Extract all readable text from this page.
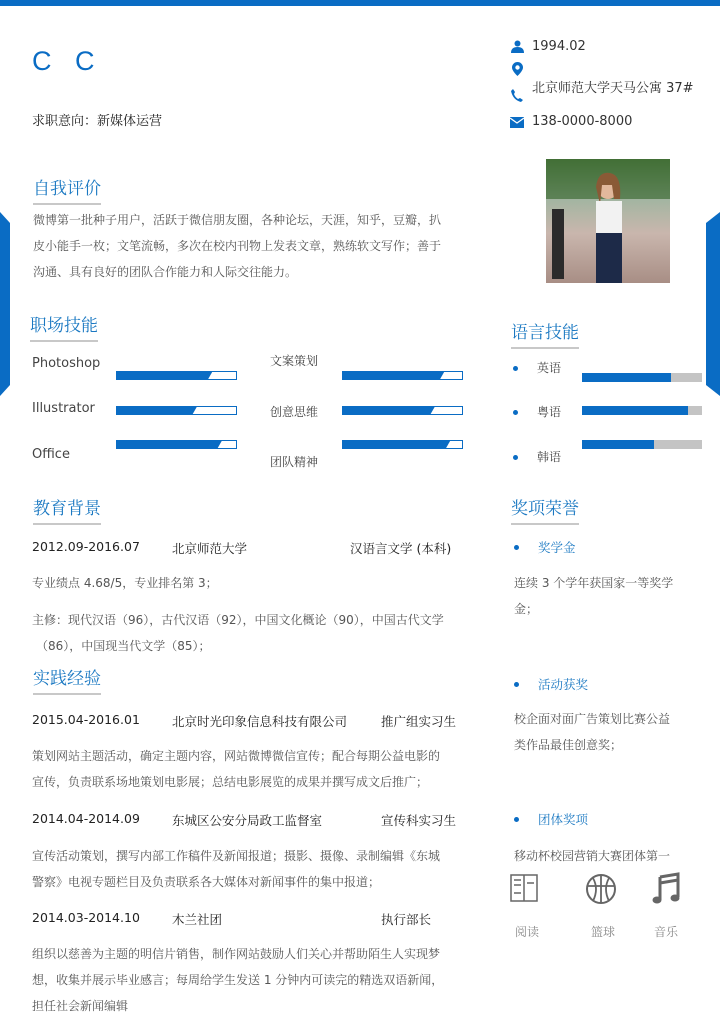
C C
求职意向：新媒体运营
1994.02
北京师范大学天马公寓 37#
138-0000-8000
自我评价
微博第一批种子用户，活跃于微信朋友圈，各种论坛，天涯，知乎，豆瓣，扒
皮小能手一枚；文笔流畅，多次在校内刊物上发表文章，熟练软文写作；善于
沟通、具有良好的团队合作能力和人际交往能力。
职场技能
Photoshop
Illustrator
Office
文案策划
创意思维
团队精神
语言技能
英语
粤语
韩语
教育背景
2012.09-2016.07	北京师范大学	汉语言文学 (本科)
专业绩点 4.68/5，专业排名第 3；
主修：现代汉语（96），古代汉语（92），中国文化概论（90），中国古代文学
（86），中国现当代文学（85）；
实践经验
2015.04-2016.01	北京时光印象信息科技有限公司	推广组实习生
策划网站主题活动，确定主题内容，网站微博微信宣传；配合每期公益电影的
宣传，负责联系场地策划电影展；总结电影展览的成果并撰写成文后推广；
2014.04-2014.09	东城区公安分局政工监督室	宣传科实习生
宣传活动策划，撰写内部工作稿件及新闻报道；摄影、摄像、录制编辑《东城
警察》电视专题栏目及负责联系各大媒体对新闻事件的集中报道；
2014.03-2014.10	木兰社团	执行部长
组织以慈善为主题的明信片销售，制作网站鼓励人们关心并帮助陌生人实现梦
想，收集并展示毕业感言；每周给学生发送 1 分钟内可读完的精选双语新闻，
担任社会新闻编辑
奖项荣誉
奖学金
连续 3 个学年获国家一等奖学
金；
活动获奖
校企面对面广告策划比赛公益
类作品最佳创意奖；
团体奖项
移动杯校园营销大赛团体第一
阅读	篮球	音乐
